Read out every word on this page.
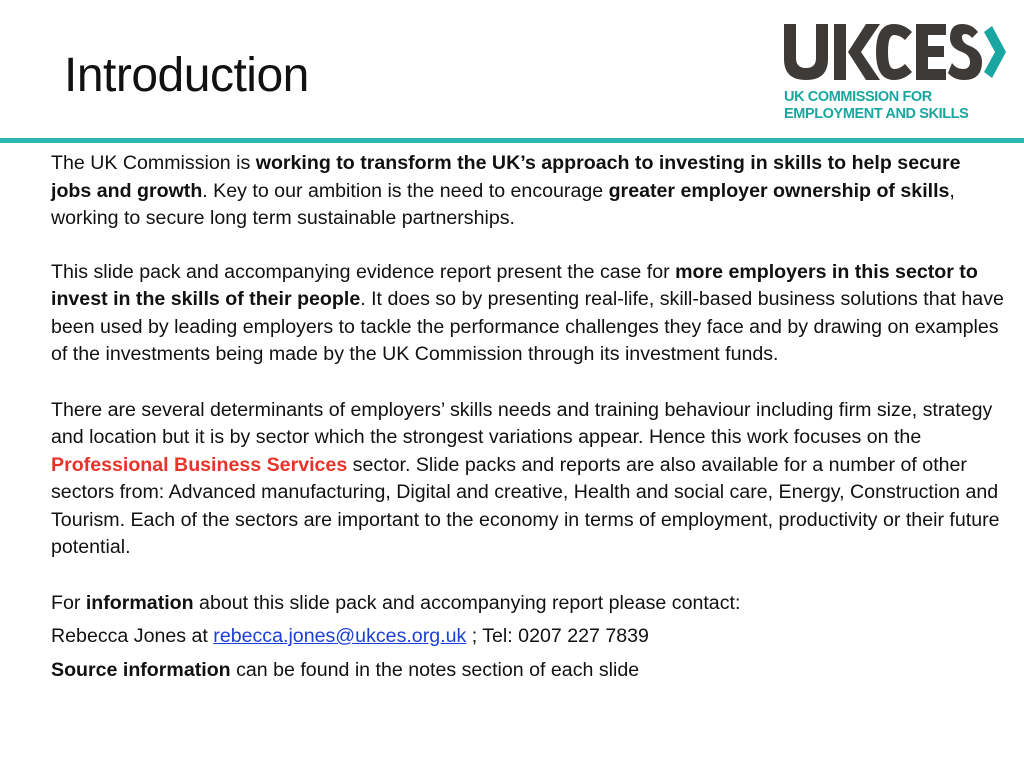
Introduction	UK COMMISSION FOR
EMPLOYMENT AND SKILLS

The UK Commission is working to transform the UK’s approach to investing in skills to help secure jobs and growth. Key to our ambition is the need to encourage greater employer ownership of skills, working to secure long term sustainable partnerships.

This slide pack and accompanying evidence report present the case for more employers in this sector to invest in the skills of their people. It does so by presenting real-life, skill-based business solutions that have been used by leading employers to tackle the performance challenges they face and by drawing on examples of the investments being made by the UK Commission through its investment funds.

There are several determinants of employers’ skills needs and training behaviour including firm size, strategy and location but it is by sector which the strongest variations appear. Hence this work focuses on the Professional Business Services sector. Slide packs and reports are also available for a number of other sectors from: Advanced manufacturing, Digital and creative, Health and social care, Energy, Construction and Tourism. Each of the sectors are important to the economy in terms of employment, productivity or their future potential.

For information about this slide pack and accompanying report please contact:

Rebecca Jones at rebecca.jones@ukces.org.uk ; Tel: 0207 227 7839

Source information can be found in the notes section of each slide
